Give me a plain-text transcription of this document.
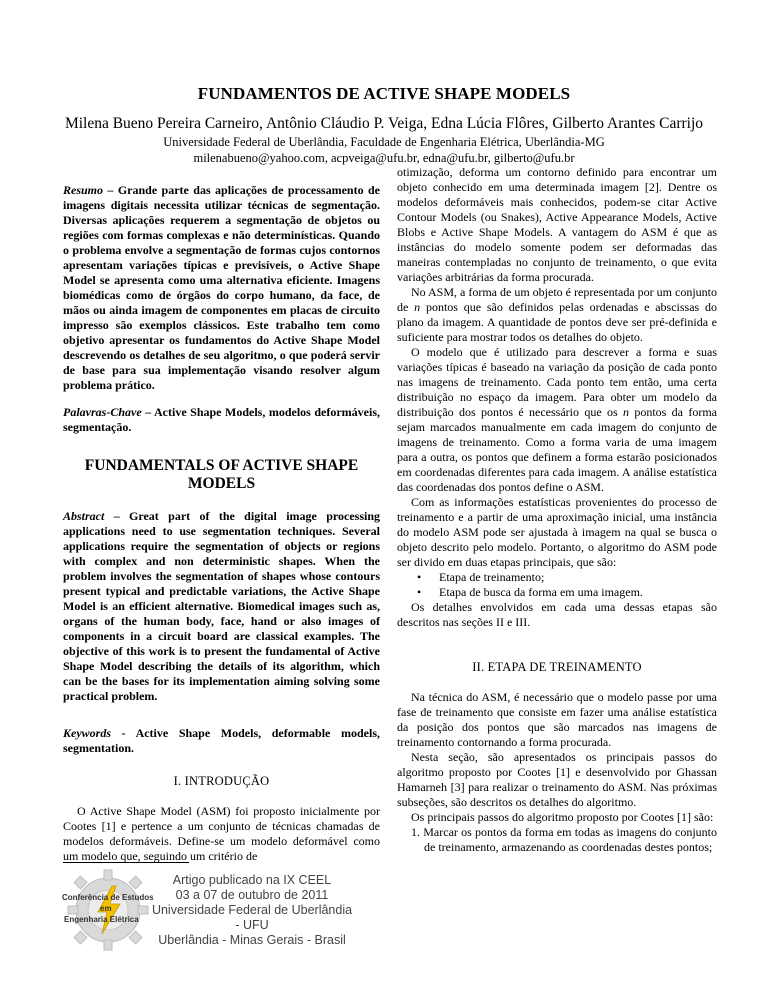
FUNDAMENTOS DE ACTIVE SHAPE MODELS
Milena Bueno Pereira Carneiro, Antônio Cláudio P. Veiga, Edna Lúcia Flôres, Gilberto Arantes Carrijo
Universidade Federal de Uberlândia, Faculdade de Engenharia Elétrica, Uberlândia-MG
milenabueno@yahoo.com, acpveiga@ufu.br, edna@ufu.br, gilberto@ufu.br

Resumo – Grande parte das aplicações de processamento de imagens digitais necessita utilizar técnicas de segmentação. Diversas aplicações requerem a segmentação de objetos ou regiões com formas complexas e não determinísticas. Quando o problema envolve a segmentação de formas cujos contornos apresentam variações típicas e previsíveis, o Active Shape Model se apresenta como uma alternativa eficiente. Imagens biomédicas como de órgãos do corpo humano, da face, de mãos ou ainda imagem de componentes em placas de circuito impresso são exemplos clássicos. Este trabalho tem como objetivo apresentar os fundamentos do Active Shape Model descrevendo os detalhes de seu algoritmo, o que poderá servir de base para sua implementação visando resolver algum problema prático.

Palavras-Chave – Active Shape Models, modelos deformáveis, segmentação.

FUNDAMENTALS OF ACTIVE SHAPE MODELS

Abstract – Great part of the digital image processing applications need to use segmentation techniques. Several applications require the segmentation of objects or regions with complex and non deterministic shapes. When the problem involves the segmentation of shapes whose contours present typical and predictable variations, the Active Shape Model is an efficient alternative. Biomedical images such as, organs of the human body, face, hand or also images of components in a circuit board are classical examples. The objective of this work is to present the fundamental of Active Shape Model describing the details of its algorithm, which can be the bases for its implementation aiming solving some practical problem.

Keywords - Active Shape Models, deformable models, segmentation.

I. INTRODUÇÃO

O Active Shape Model (ASM) foi proposto inicialmente por Cootes [1] e pertence a um conjunto de técnicas chamadas de modelos deformáveis. Define-se um modelo deformável como um modelo que, seguindo um critério de

otimização, deforma um contorno definido para encontrar um objeto conhecido em uma determinada imagem [2]. Dentre os modelos deformáveis mais conhecidos, podem-se citar Active Contour Models (ou Snakes), Active Appearance Models, Active Blobs e Active Shape Models. A vantagem do ASM é que as instâncias do modelo somente podem ser deformadas das maneiras contempladas no conjunto de treinamento, o que evita variações arbitrárias da forma procurada.

No ASM, a forma de um objeto é representada por um conjunto de n pontos que são definidos pelas ordenadas e abscissas do plano da imagem. A quantidade de pontos deve ser pré-definida e suficiente para mostrar todos os detalhes do objeto.

O modelo que é utilizado para descrever a forma e suas variações típicas é baseado na variação da posição de cada ponto nas imagens de treinamento. Cada ponto tem então, uma certa distribuição no espaço da imagem. Para obter um modelo da distribuição dos pontos é necessário que os n pontos da forma sejam marcados manualmente em cada imagem do conjunto de imagens de treinamento. Como a forma varia de uma imagem para a outra, os pontos que definem a forma estarão posicionados em coordenadas diferentes para cada imagem. A análise estatística das coordenadas dos pontos define o ASM.

Com as informações estatísticas provenientes do processo de treinamento e a partir de uma aproximação inicial, uma instância do modelo ASM pode ser ajustada à imagem na qual se busca o objeto descrito pelo modelo. Portanto, o algoritmo do ASM pode ser divido em duas etapas principais, que são:

•	Etapa de treinamento;
•	Etapa de busca da forma em uma imagem.

Os detalhes envolvidos em cada uma dessas etapas são descritos nas seções II e III.

II. ETAPA DE TREINAMENTO

Na técnica do ASM, é necessário que o modelo passe por uma fase de treinamento que consiste em fazer uma análise estatística da posição dos pontos que são marcados nas imagens de treinamento contornando a forma procurada.

Nesta seção, são apresentados os principais passos do algoritmo proposto por Cootes [1] e desenvolvido por Ghassan Hamarneh [3] para realizar o treinamento do ASM. Nas próximas subseções, são descritos os detalhes do algoritmo.

Os principais passos do algoritmo proposto por Cootes [1] são:

1. Marcar os pontos da forma em todas as imagens do conjunto de treinamento, armazenando as coordenadas destes pontos;

Conferência de Estudos
em
Engenharia Elétrica
Artigo publicado na IX CEEL
03 a 07 de outubro de 2011
Universidade Federal de Uberlândia - UFU
Uberlândia - Minas Gerais - Brasil
